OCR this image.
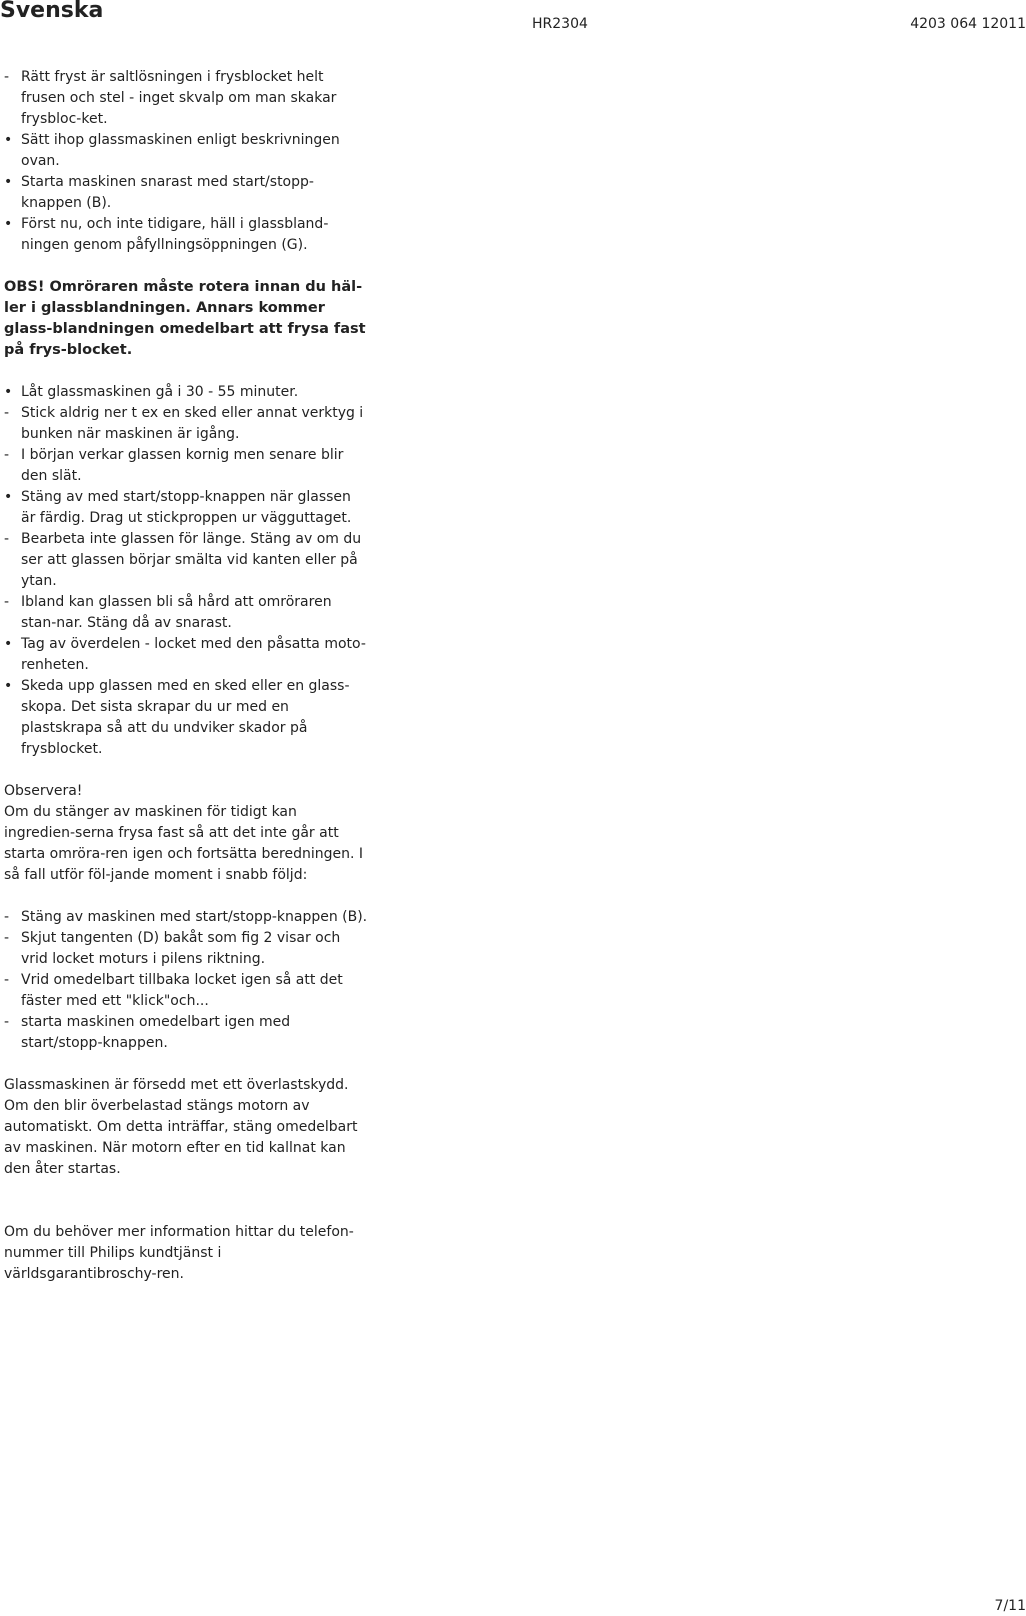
Svenska
HR2304	4203 064 12011
- Rätt fryst är saltlösningen i frysblocket helt frusen och stel - inget skvalp om man skakar frysbloc-ket.
• Sätt ihop glassmaskinen enligt beskrivningen ovan.
• Starta maskinen snarast med start/stopp-knappen (B).
• Först nu, och inte tidigare, häll i glassbland-ningen genom påfyllningsöppningen (G).

OBS! Omröraren måste rotera innan du häl-ler i glassblandningen. Annars kommer glass-blandningen omedelbart att frysa fast på frys-blocket.

• Låt glassmaskinen gå i 30 - 55 minuter.
- Stick aldrig ner t ex en sked eller annat verktyg i bunken när maskinen är igång.
- I början verkar glassen kornig men senare blir den slät.
• Stäng av med start/stopp-knappen när glassen är färdig. Drag ut stickproppen ur vägguttaget.
- Bearbeta inte glassen för länge. Stäng av om du ser att glassen börjar smälta vid kanten eller på ytan.
- Ibland kan glassen bli så hård att omröraren stan-nar. Stäng då av snarast.
• Tag av överdelen - locket med den påsatta moto-renheten.
• Skeda upp glassen med en sked eller en glass-skopa. Det sista skrapar du ur med en plastskrapa så att du undviker skador på frysblocket.

Observera!

Om du stänger av maskinen för tidigt kan ingredien-serna frysa fast så att det inte går att starta omröra-ren igen och fortsätta beredningen. I så fall utför föl-jande moment i snabb följd:

- Stäng av maskinen med start/stopp-knappen (B).
- Skjut tangenten (D) bakåt som fig 2 visar och vrid locket moturs i pilens riktning.
- Vrid omedelbart tillbaka locket igen så att det fäster med ett "klick"och...
- starta maskinen omedelbart igen med start/stopp-knappen.

Glassmaskinen är försedd met ett överlastskydd. Om den blir överbelastad stängs motorn av automatiskt. Om detta inträffar, stäng omedelbart av maskinen. När motorn efter en tid kallnat kan den åter startas.

Om du behöver mer information hittar du telefon-nummer till Philips kundtjänst i världsgarantibroschy-ren.

7/11
